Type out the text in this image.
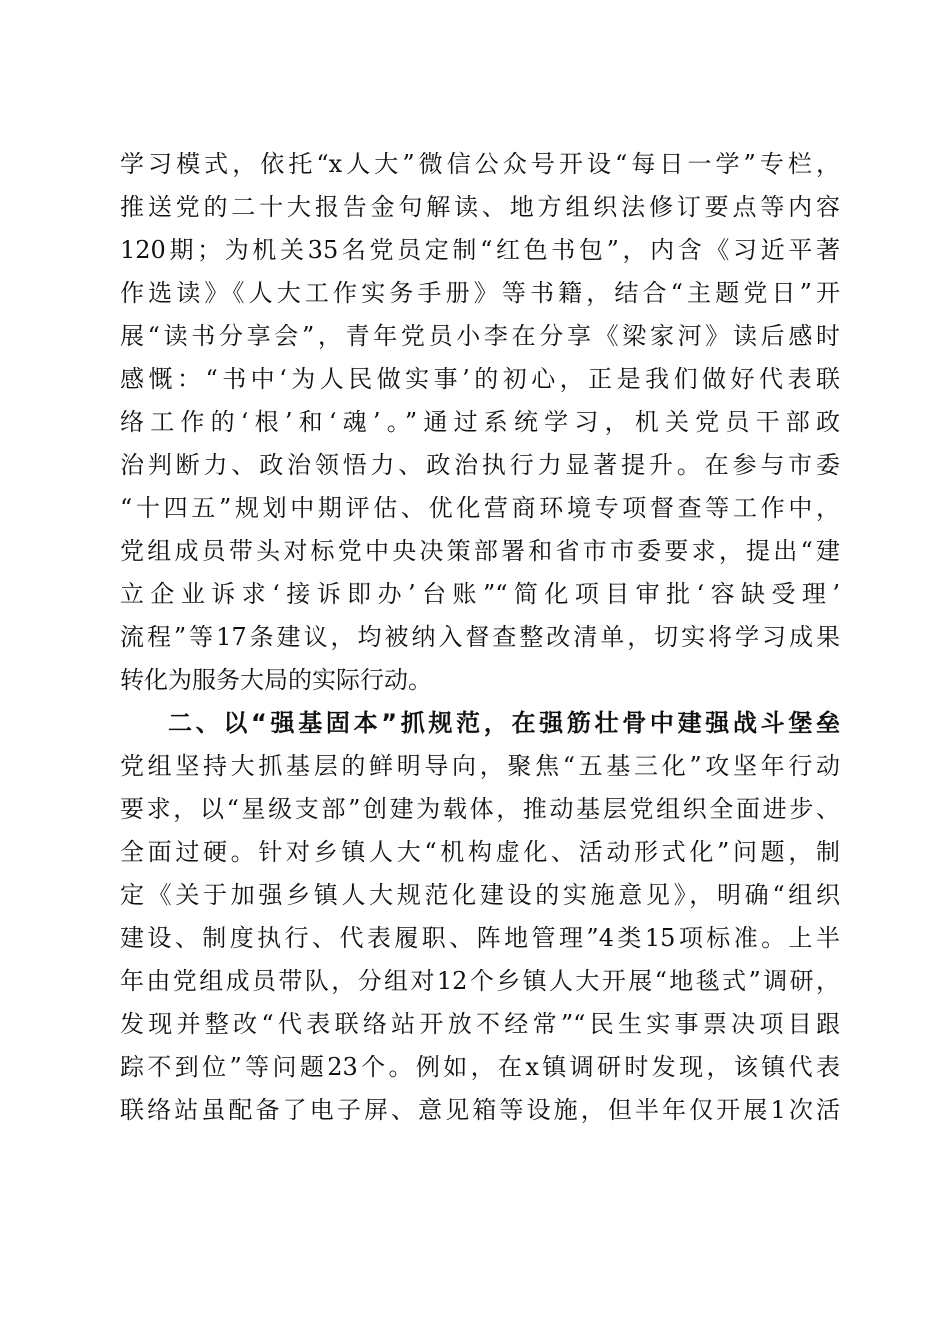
学习模式，依托“x人大”微信公众号开设“每日一学”专栏，
推送党的二十大报告金句解读、地方组织法修订要点等内容
120期；为机关35名党员定制“红色书包”，内含《习近平著
作选读》《人大工作实务手册》等书籍，结合“主题党日”开
展“读书分享会”，青年党员小李在分享《梁家河》读后感时
感慨：“书中‘为人民做实事’的初心，正是我们做好代表联
络工作的‘根’和‘魂’。”通过系统学习，机关党员干部政
治判断力、政治领悟力、政治执行力显著提升。在参与市委
“十四五”规划中期评估、优化营商环境专项督查等工作中，
党组成员带头对标党中央决策部署和省市市委要求，提出“建
立企业诉求‘接诉即办’台账”“简化项目审批‘容缺受理’
流程”等17条建议，均被纳入督查整改清单，切实将学习成果
转化为服务大局的实际行动。
二、以“强基固本”抓规范，在强筋壮骨中建强战斗堡垒
党组坚持大抓基层的鲜明导向，聚焦“五基三化”攻坚年行动
要求，以“星级支部”创建为载体，推动基层党组织全面进步、
全面过硬。针对乡镇人大“机构虚化、活动形式化”问题，制
定《关于加强乡镇人大规范化建设的实施意见》，明确“组织
建设、制度执行、代表履职、阵地管理”4类15项标准。上半
年由党组成员带队，分组对12个乡镇人大开展“地毯式”调研，
发现并整改“代表联络站开放不经常”“民生实事票决项目跟
踪不到位”等问题23个。例如，在x镇调研时发现，该镇代表
联络站虽配备了电子屏、意见箱等设施，但半年仅开展1次活
